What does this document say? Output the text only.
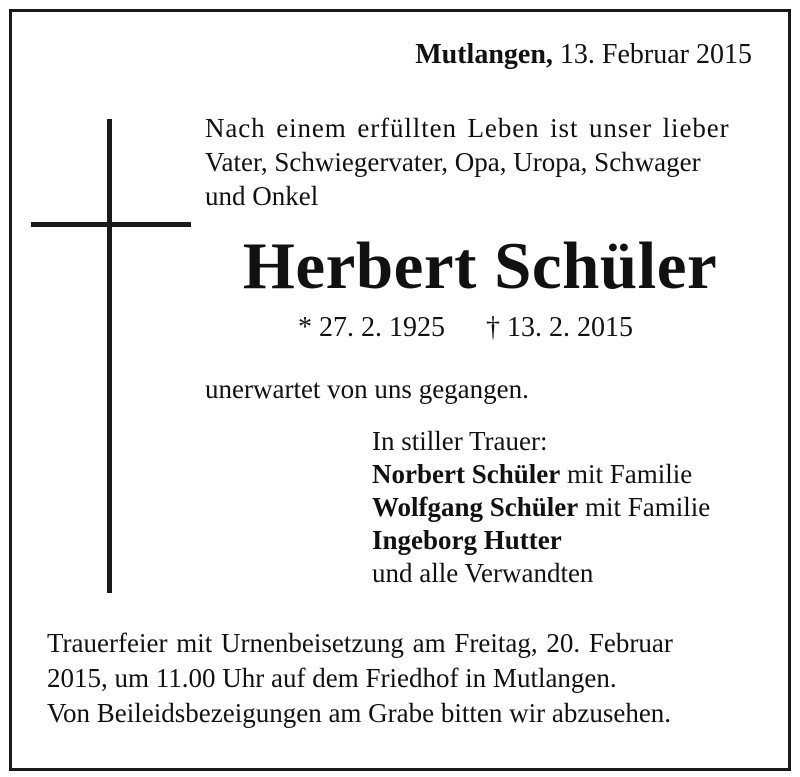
Mutlangen, 13. Februar 2015
Nach einem erfüllten Leben ist unser lieber
Vater, Schwiegervater, Opa, Uropa, Schwager
und Onkel
Herbert Schüler
* 27. 2. 1925 † 13. 2. 2015
unerwartet von uns gegangen.
In stiller Trauer:
Norbert Schüler mit Familie
Wolfgang Schüler mit Familie
Ingeborg Hutter
und alle Verwandten
Trauerfeier mit Urnenbeisetzung am Freitag, 20. Februar
2015, um 11.00 Uhr auf dem Friedhof in Mutlangen.
Von Beileidsbezeigungen am Grabe bitten wir abzusehen.
